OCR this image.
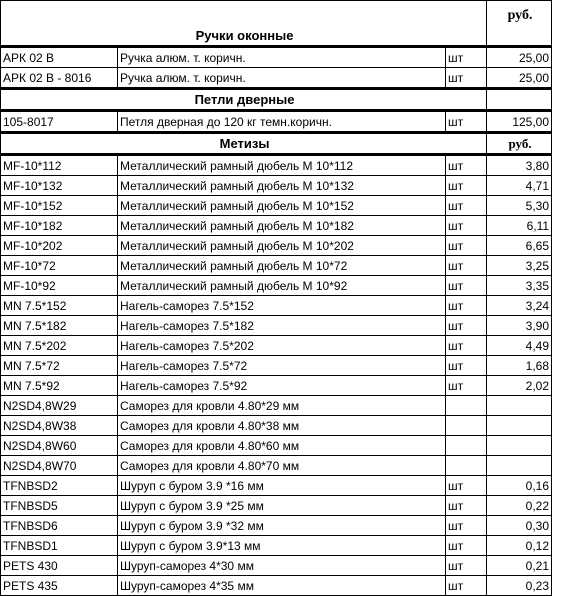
Ручки оконные			руб.
АРК 02 В	Ручка алюм. т. коричн.	шт	25,00
АРК 02 В - 8016	Ручка алюм. т. коричн.	шт	25,00
Петли дверные			
105-8017	Петля дверная до 120 кг темн.коричн.	шт	125,00
Метизы			руб.
MF-10*112	Металлический рамный дюбель М 10*112	шт	3,80
MF-10*132	Металлический рамный дюбель М 10*132	шт	4,71
MF-10*152	Металлический рамный дюбель М 10*152	шт	5,30
MF-10*182	Металлический рамный дюбель М 10*182	шт	6,11
MF-10*202	Металлический рамный дюбель М 10*202	шт	6,65
MF-10*72	Металлический рамный дюбель М 10*72	шт	3,25
MF-10*92	Металлический рамный дюбель М 10*92	шт	3,35
MN 7.5*152	Нагель-саморез 7.5*152	шт	3,24
MN 7.5*182	Нагель-саморез 7.5*182	шт	3,90
MN 7.5*202	Нагель-саморез 7.5*202	шт	4,49
MN 7.5*72	Нагель-саморез 7.5*72	шт	1,68
MN 7.5*92	Нагель-саморез 7.5*92	шт	2,02
N2SD4,8W29	Саморез для кровли 4.80*29 мм		
N2SD4,8W38	Саморез для кровли 4.80*38 мм		
N2SD4,8W60	Саморез для кровли 4.80*60 мм		
N2SD4,8W70	Саморез для кровли 4.80*70 мм		
TFNBSD2	Шуруп с буром 3.9 *16 мм	шт	0,16
TFNBSD5	Шуруп с буром 3.9 *25 мм	шт	0,22
TFNBSD6	Шуруп с буром 3.9 *32 мм	шт	0,30
TFNBSD1	Шуруп с буром 3.9*13 мм	шт	0,12
PETS 430	Шуруп-саморез 4*30 мм	шт	0,21
PETS 435	Шуруп-саморез 4*35 мм	шт	0,23
